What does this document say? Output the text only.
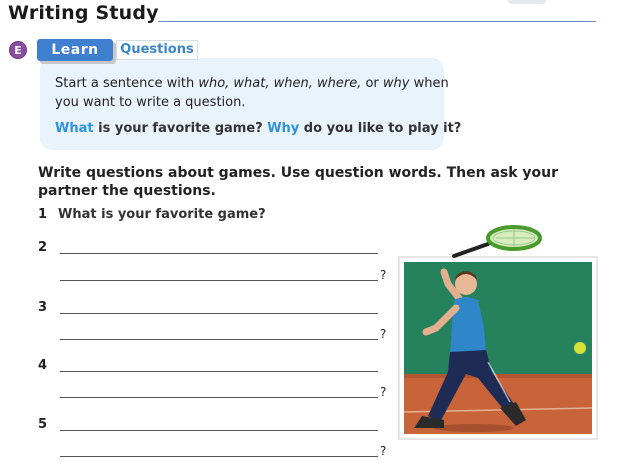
Writing Study
E	Learn	Questions
Start a sentence with who, what, when, where, or why when
you want to write a question.
What is your favorite game? Why do you like to play it?
Write questions about games. Use question words. Then ask your
partner the questions.
1 What is your favorite game?
2
?
3
?
4
?
5
?
